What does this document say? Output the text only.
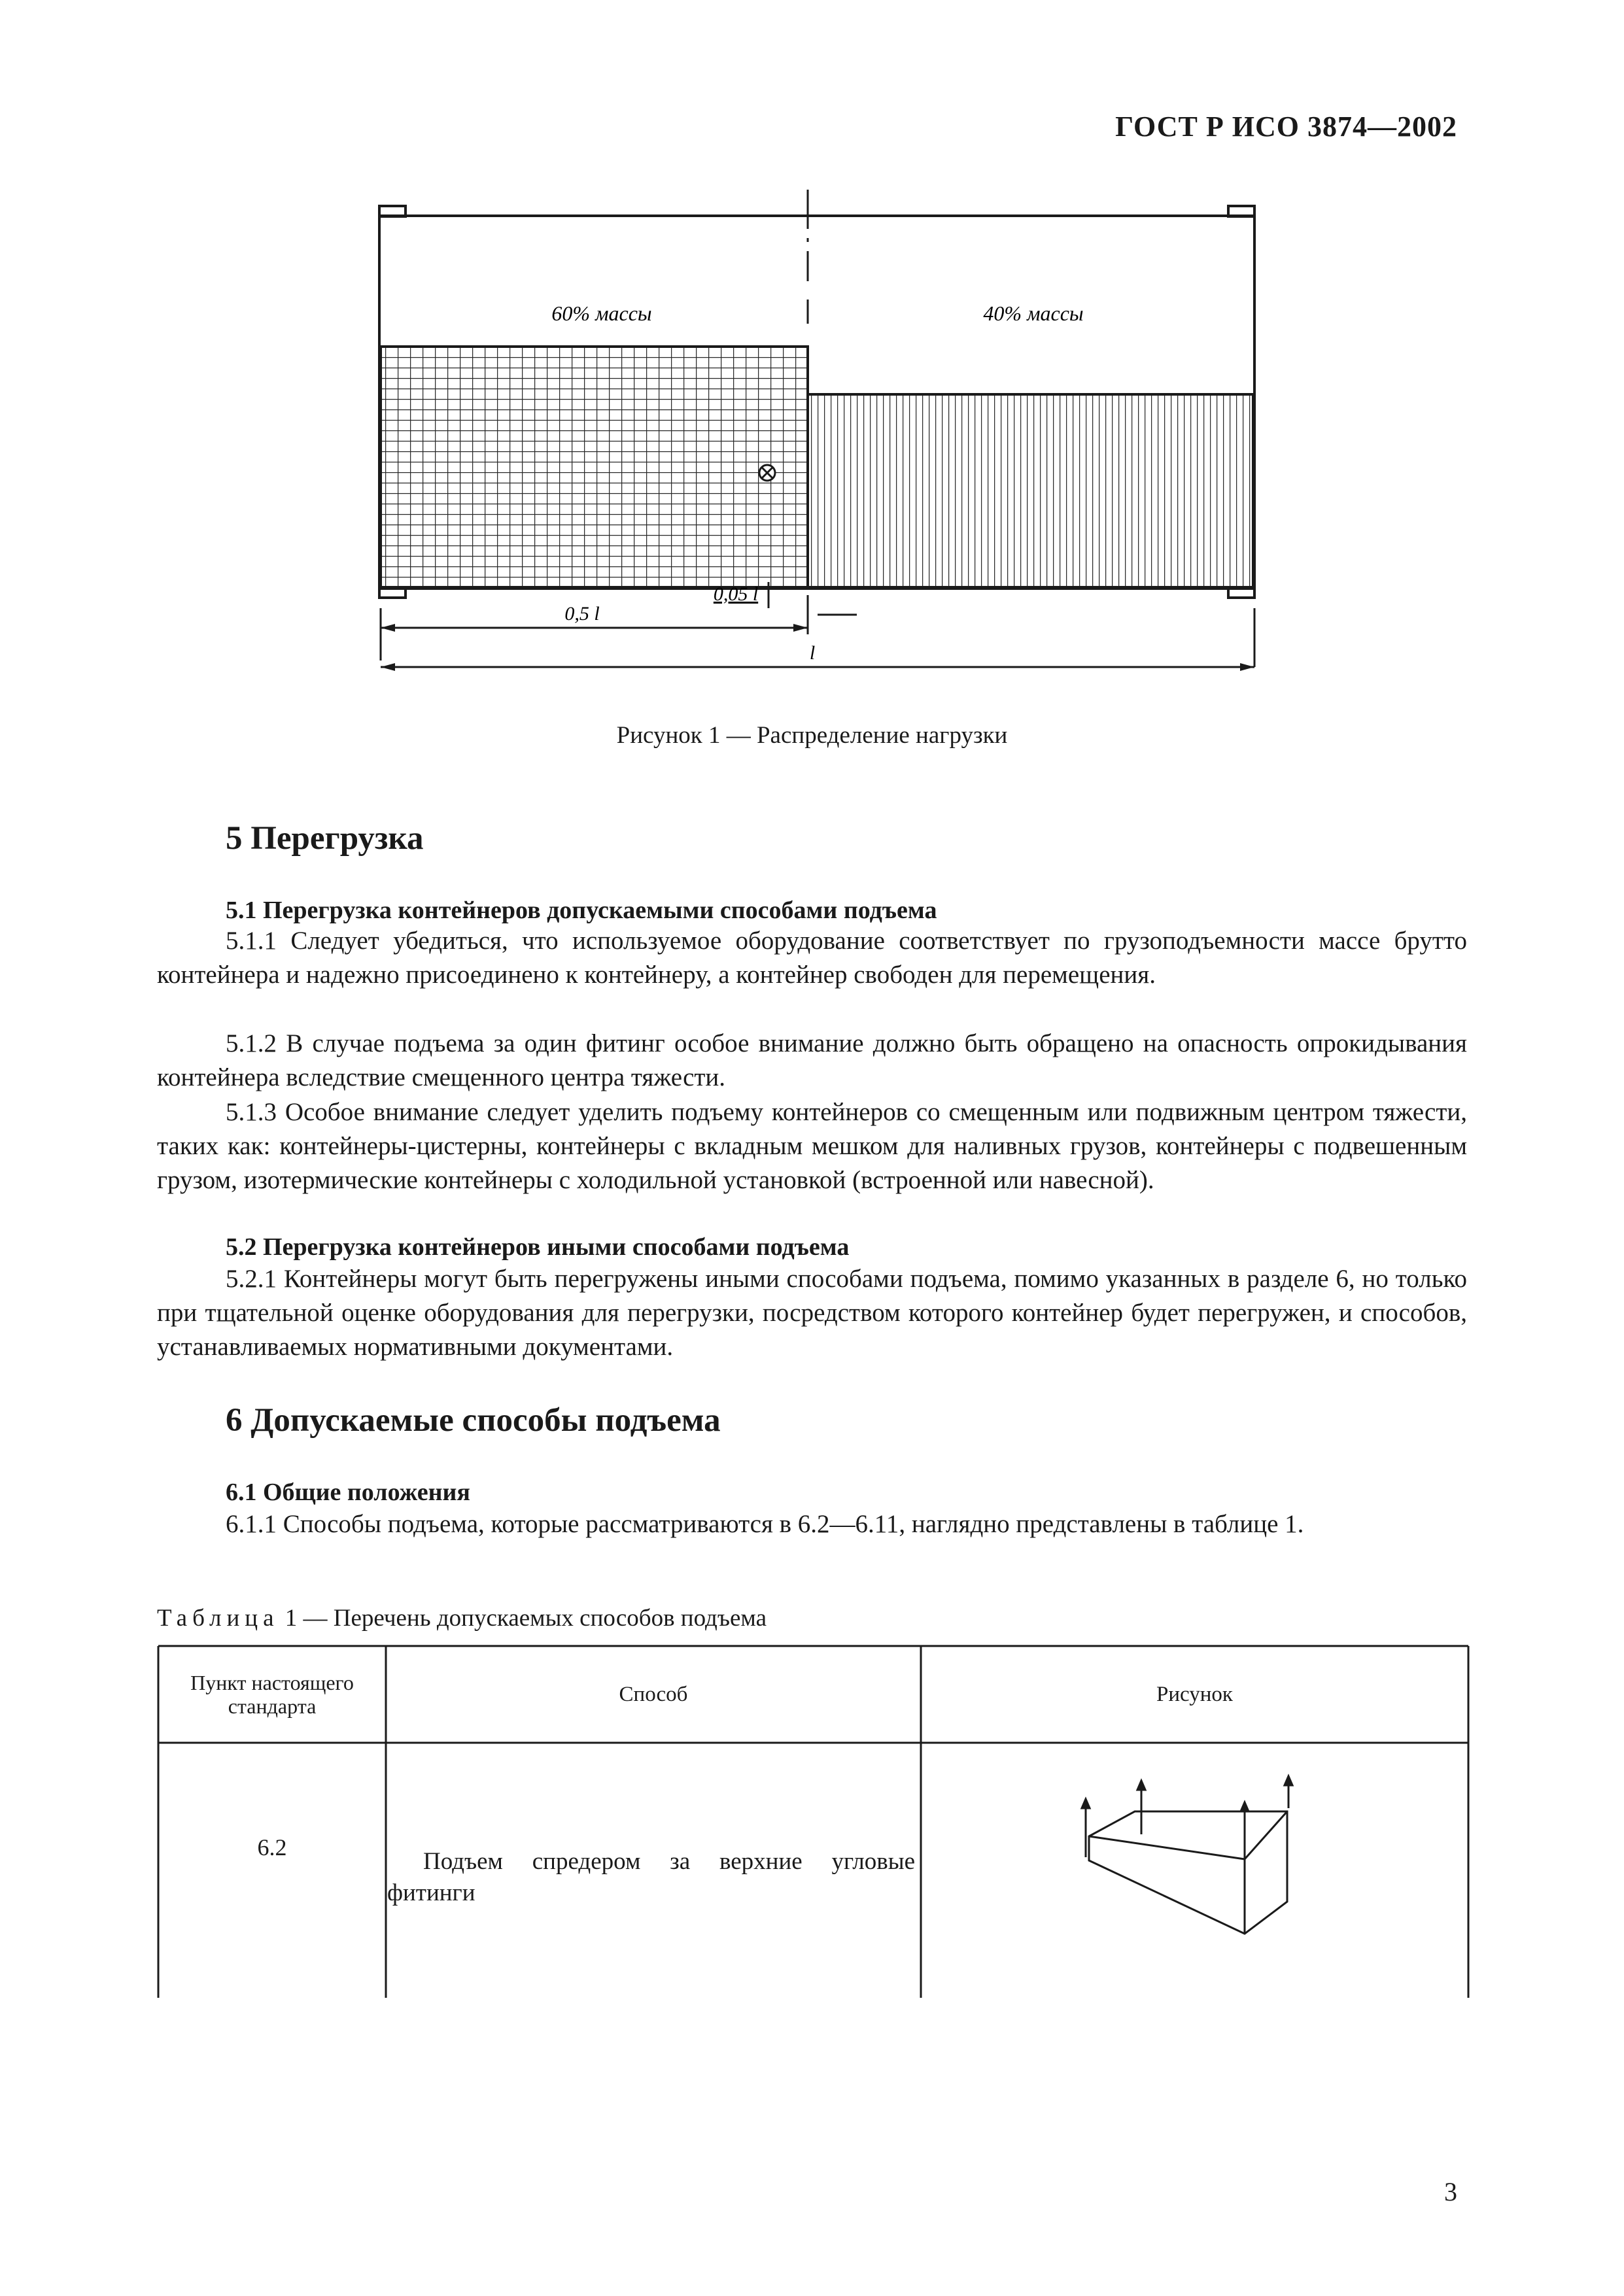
ГОСТ Р ИСО 3874—2002
60% массы	40% массы
0,05 l
0,5 l
l
Рисунок 1 — Распределение нагрузки
5 Перегрузка
5.1 Перегрузка контейнеров допускаемыми способами подъема

5.1.1 Следует убедиться, что используемое оборудование соответствует по грузоподъемности массе брутто контейнера и надежно присоединено к контейнеру, а контейнер свободен для перемещения.

5.1.2 В случае подъема за один фитинг особое внимание должно быть обращено на опасность опрокидывания контейнера вследствие смещенного центра тяжести.

5.1.3 Особое внимание следует уделить подъему контейнеров со смещенным или подвижным центром тяжести, таких как: контейнеры-цистерны, контейнеры с вкладным мешком для наливных грузов, контейнеры с подвешенным грузом, изотермические контейнеры с холодильной установкой (встроенной или навесной).

5.2 Перегрузка контейнеров иными способами подъема

5.2.1 Контейнеры могут быть перегружены иными способами подъема, помимо указанных в разделе 6, но только при тщательной оценке оборудования для перегрузки, посредством которого контейнер будет перегружен, и способов, устанавливаемых нормативными документами.

6 Допускаемые способы подъема
6.1 Общие положения

6.1.1 Способы подъема, которые рассматриваются в 6.2—6.11, наглядно представлены в таблице 1.

Таблица 1 — Перечень допускаемых способов подъема
Пункт настоящего стандарта
Способ	Рисунок
6.2
Подъем спредером за верхние угловые фитинги
3
